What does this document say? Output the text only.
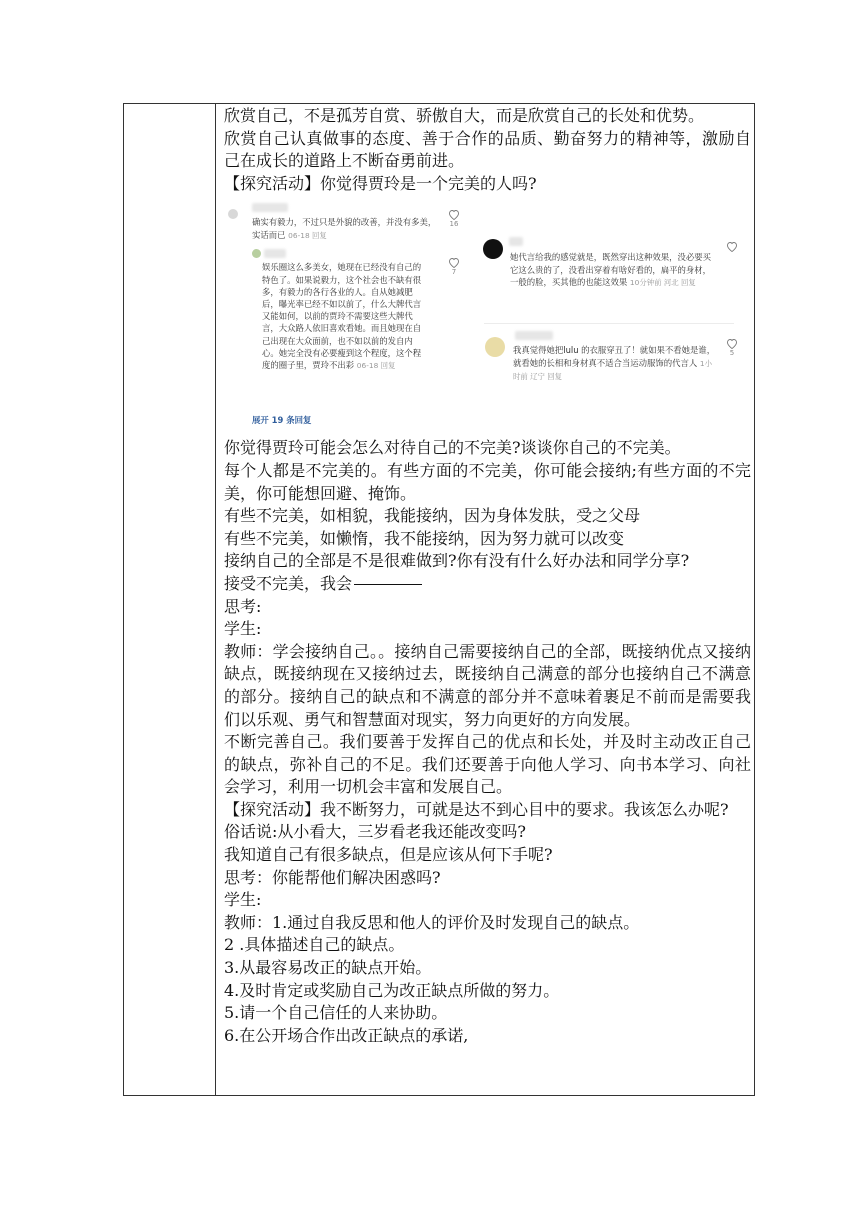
欣赏自己，不是孤芳自赏、骄傲自大，而是欣赏自己的长处和优势。

欣赏自己认真做事的态度、善于合作的品质、勤奋努力的精神等，激励自己在成长的道路上不断奋勇前进。

【探究活动】你觉得贾玲是一个完美的人吗?

确实有毅力，不过只是外貌的改善，并没有多美，实话而已 06-18 回复
16
娱乐圈这么多美女，她现在已经没有自己的特色了。如果说毅力，这个社会也不缺有很多，有毅力的各行各业的人。自从她减肥后，曝光率已经不如以前了，什么大牌代言又能如何，以前的贾玲不需要这些大牌代言，大众路人依旧喜欢看她。而且她现在自己出现在大众面前，也不如以前的发自内心。她完全没有必要瘦到这个程度，这个程度的圈子里，贾玲不出彩 06-18 回复
7
展开 19 条回复
她代言给我的感觉就是，既然穿出这种效果，没必要买它这么贵的了，没看出穿着有啥好看的，扁平的身材，一般的脸，买其他的也能这效果 10分钟前 河北 回复
我真觉得她把lulu 的衣服穿丑了！就如果不看她是谁，就看她的长相和身材真不适合当运动服饰的代言人 1小时前 辽宁 回复
5

你觉得贾玲可能会怎么对待自己的不完美?谈谈你自己的不完美。

每个人都是不完美的。有些方面的不完美，你可能会接纳;有些方面的不完美，你可能想回避、掩饰。

有些不完美，如相貌，我能接纳，因为身体发肤，受之父母

有些不完美，如懒惰，我不能接纳，因为努力就可以改变

接纳自己的全部是不是很难做到?你有没有什么好办法和同学分享?

接受不完美，我会

思考:

学生:

教师：学会接纳自己。。接纳自己需要接纳自己的全部，既接纳优点又接纳缺点，既接纳现在又接纳过去，既接纳自己满意的部分也接纳自己不满意的部分。接纳自己的缺点和不满意的部分并不意味着裹足不前而是需要我们以乐观、勇气和智慧面对现实，努力向更好的方向发展。

不断完善自己。我们要善于发挥自己的优点和长处，并及时主动改正自己的缺点，弥补自己的不足。我们还要善于向他人学习、向书本学习、向社会学习，利用一切机会丰富和发展自己。

【探究活动】我不断努力，可就是达不到心目中的要求。我该怎么办呢?

俗话说:从小看大，三岁看老我还能改变吗?

我知道自己有很多缺点，但是应该从何下手呢?

思考：你能帮他们解决困惑吗?

学生:

教师：1.通过自我反思和他人的评价及时发现自己的缺点。

2 .具体描述自己的缺点。

3.从最容易改正的缺点开始。

4.及时肯定或奖励自己为改正缺点所做的努力。

5.请一个自己信任的人来协助。

6.在公开场合作出改正缺点的承诺,
